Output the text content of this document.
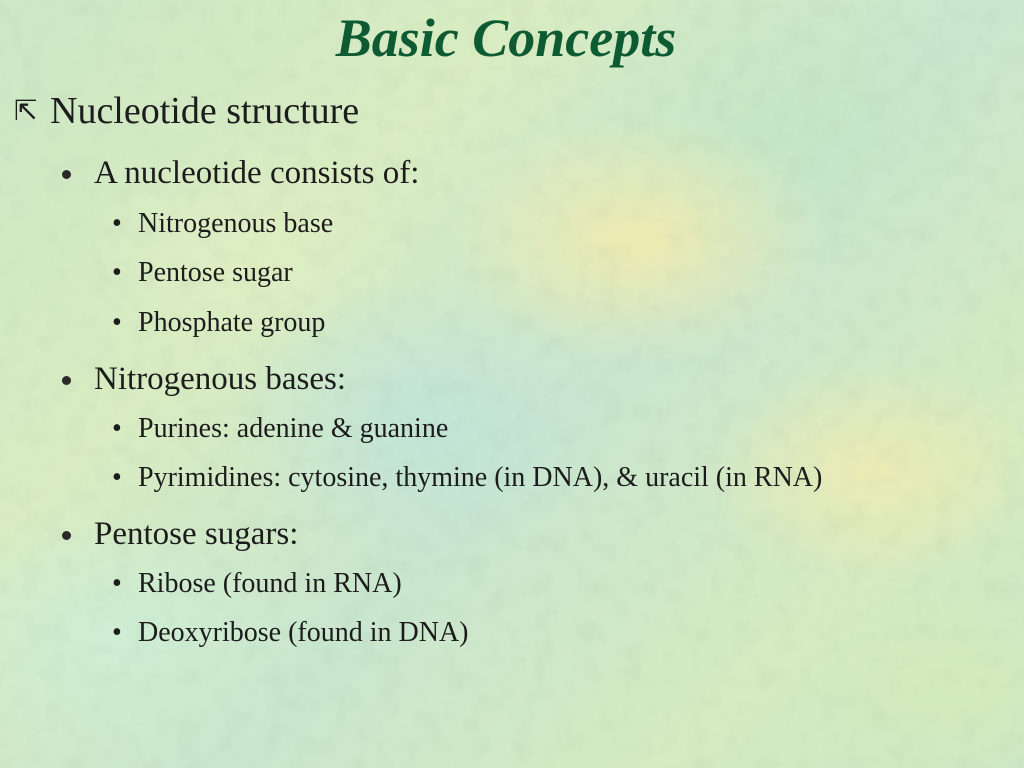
Basic Concepts
⇱ Nucleotide structure
A nucleotide consists of:
• Nitrogenous base
• Pentose sugar
• Phosphate group
Nitrogenous bases:
• Purines: adenine & guanine
• Pyrimidines: cytosine, thymine (in DNA), & uracil (in RNA)
Pentose sugars:
• Ribose (found in RNA)
• Deoxyribose (found in DNA)
